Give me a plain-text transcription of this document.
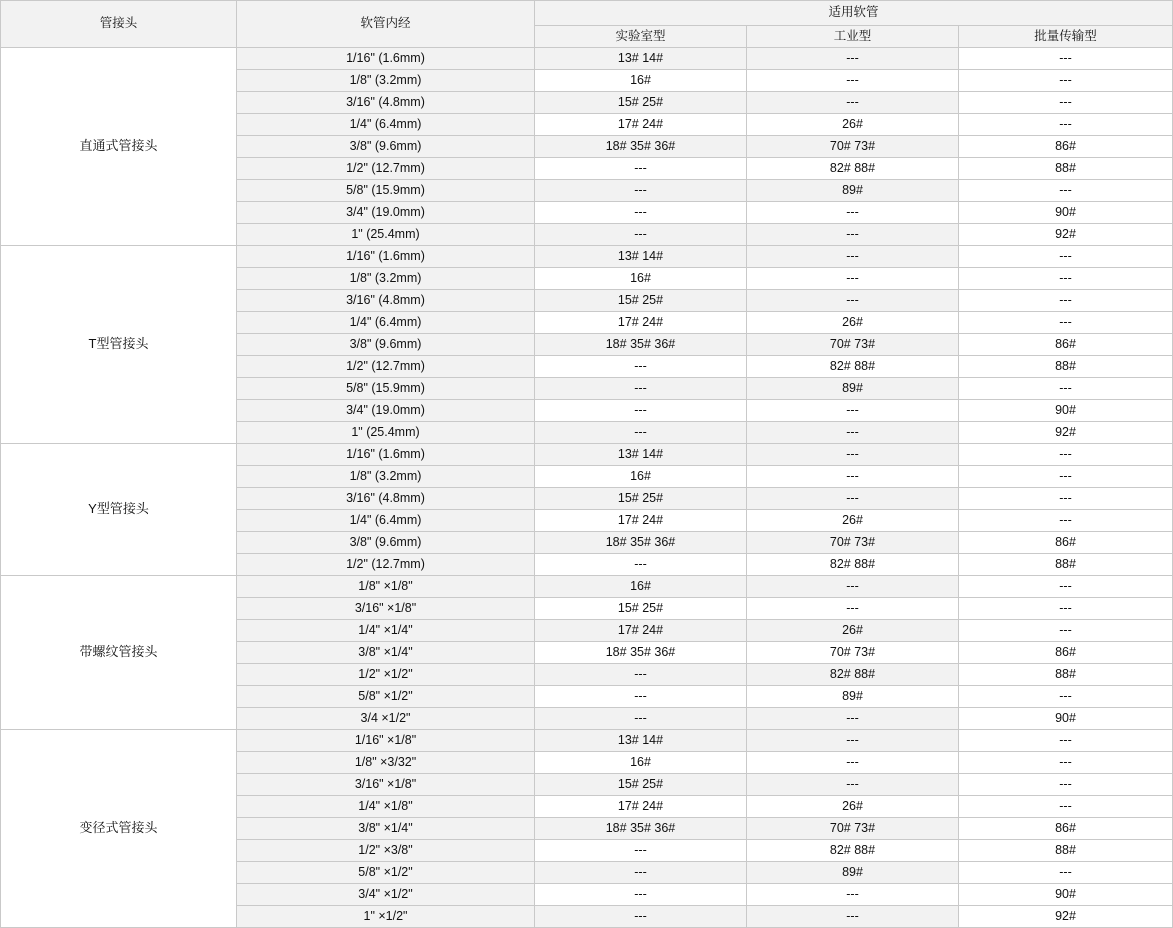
管接头	软管内经	适用软管		
		实验室型	工业型	批量传输型
直通式管接头	1/16" (1.6mm)	13# 14#	---	---
	1/8" (3.2mm)	16#	---	---
	3/16" (4.8mm)	15# 25#	---	---
	1/4" (6.4mm)	17# 24#	26#	---
	3/8" (9.6mm)	18# 35# 36#	70# 73#	86#
	1/2" (12.7mm)	---	82# 88#	88#
	5/8" (15.9mm)	---	89#	---
	3/4" (19.0mm)	---	---	90#
	1" (25.4mm)	---	---	92#
T型管接头	1/16" (1.6mm)	13# 14#	---	---
	1/8" (3.2mm)	16#	---	---
	3/16" (4.8mm)	15# 25#	---	---
	1/4" (6.4mm)	17# 24#	26#	---
	3/8" (9.6mm)	18# 35# 36#	70# 73#	86#
	1/2" (12.7mm)	---	82# 88#	88#
	5/8" (15.9mm)	---	89#	---
	3/4" (19.0mm)	---	---	90#
	1" (25.4mm)	---	---	92#
Y型管接头	1/16" (1.6mm)	13# 14#	---	---
	1/8" (3.2mm)	16#	---	---
	3/16" (4.8mm)	15# 25#	---	---
	1/4" (6.4mm)	17# 24#	26#	---
	3/8" (9.6mm)	18# 35# 36#	70# 73#	86#
	1/2" (12.7mm)	---	82# 88#	88#
带螺纹管接头	1/8" ×1/8"	16#	---	---
	3/16" ×1/8"	15# 25#	---	---
	1/4" ×1/4"	17# 24#	26#	---
	3/8" ×1/4"	18# 35# 36#	70# 73#	86#
	1/2" ×1/2"	---	82# 88#	88#
	5/8" ×1/2"	---	89#	---
	3/4 ×1/2"	---	---	90#
变径式管接头	1/16" ×1/8"	13# 14#	---	---
	1/8" ×3/32"	16#	---	---
	3/16" ×1/8"	15# 25#	---	---
	1/4" ×1/8"	17# 24#	26#	---
	3/8" ×1/4"	18# 35# 36#	70# 73#	86#
	1/2" ×3/8"	---	82# 88#	88#
	5/8" ×1/2"	---	89#	---
	3/4" ×1/2"	---	---	90#
	1" ×1/2"	---	---	92#
